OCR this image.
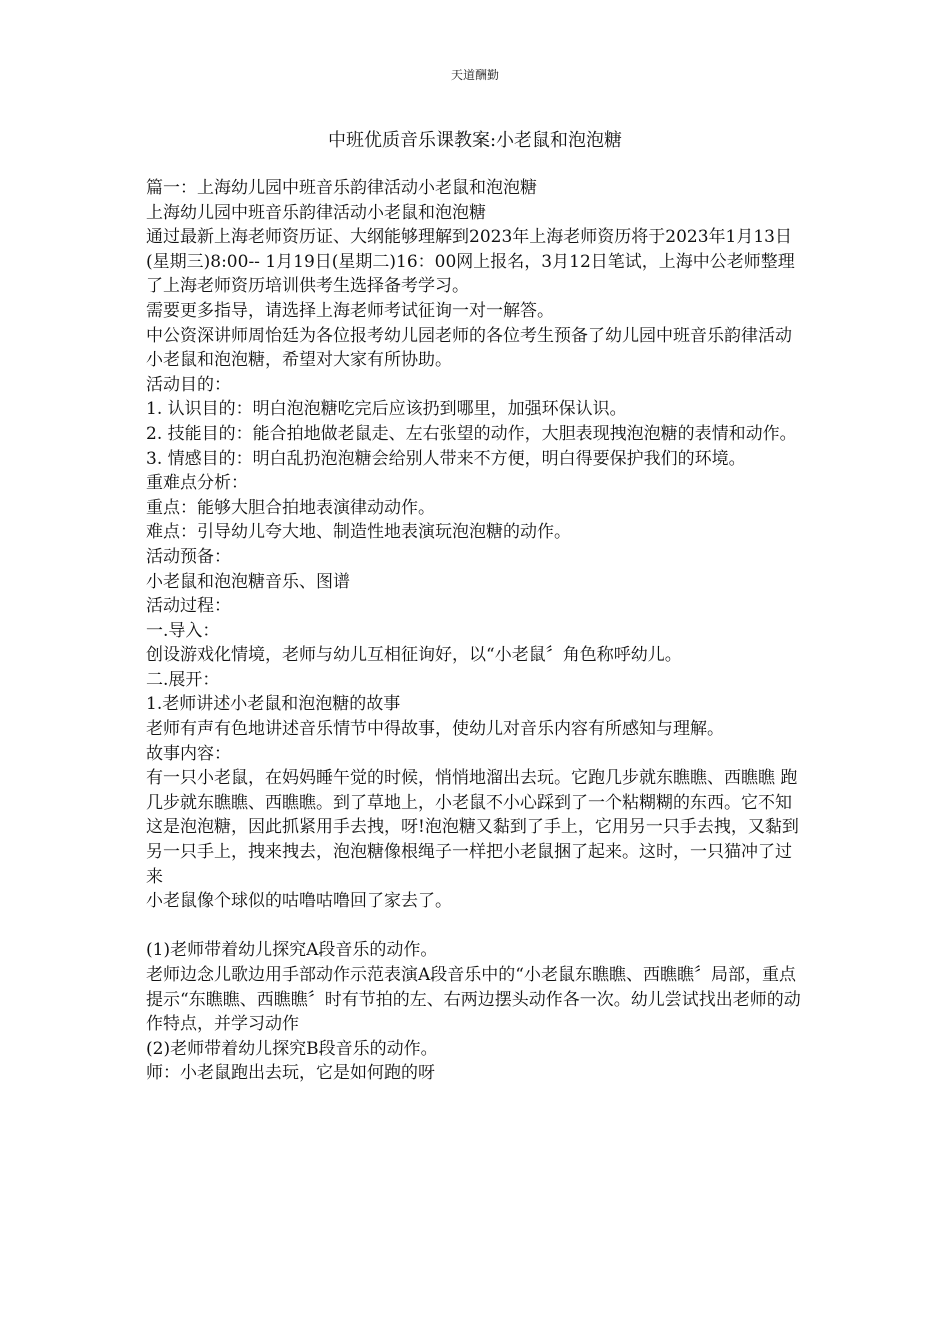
天道酬勤
中班优质音乐课教案:小老鼠和泡泡糖

篇一：上海幼儿园中班音乐韵律活动小老鼠和泡泡糖

上海幼儿园中班音乐韵律活动小老鼠和泡泡糖

通过最新上海老师资历证、大纲能够理解到2023年上海老师资历将于2023年1月13日(星期三)8:00-- 1月19日(星期二)16：00网上报名，3月12日笔试，上海中公老师整理了上海老师资历培训供考生选择备考学习。

需要更多指导，请选择上海老师考试征询一对一解答。

中公资深讲师周怡廷为各位报考幼儿园老师的各位考生预备了幼儿园中班音乐韵律活动小老鼠和泡泡糖，希望对大家有所协助。

活动目的：

1. 认识目的：明白泡泡糖吃完后应该扔到哪里，加强环保认识。

2. 技能目的：能合拍地做老鼠走、左右张望的动作，大胆表现拽泡泡糖的表情和动作。

3. 情感目的：明白乱扔泡泡糖会给别人带来不方便，明白得要保护我们的环境。

重难点分析：

重点：能够大胆合拍地表演律动动作。

难点：引导幼儿夸大地、制造性地表演玩泡泡糖的动作。

活动预备：

小老鼠和泡泡糖音乐、图谱

活动过程：

一.导入：

创设游戏化情境，老师与幼儿互相征询好，以“小老鼠〞角色称呼幼儿。

二.展开：

1.老师讲述小老鼠和泡泡糖的故事

老师有声有色地讲述音乐情节中得故事，使幼儿对音乐内容有所感知与理解。

故事内容：

有一只小老鼠，在妈妈睡午觉的时候，悄悄地溜出去玩。它跑几步就东瞧瞧、西瞧瞧 跑几步就东瞧瞧、西瞧瞧。到了草地上，小老鼠不小心踩到了一个粘糊糊的东西。它不知

这是泡泡糖，因此抓紧用手去拽，呀!泡泡糖又黏到了手上，它用另一只手去拽，又黏到

另一只手上，拽来拽去，泡泡糖像根绳子一样把小老鼠捆了起来。这时，一只猫冲了过来

小老鼠像个球似的咕噜咕噜回了家去了。

(1)老师带着幼儿探究A段音乐的动作。

老师边念儿歌边用手部动作示范表演A段音乐中的“小老鼠东瞧瞧、西瞧瞧〞局部，重点提示“东瞧瞧、西瞧瞧〞时有节拍的左、右两边摆头动作各一次。幼儿尝试找出老师的动作特点，并学习动作

(2)老师带着幼儿探究B段音乐的动作。

师：小老鼠跑出去玩，它是如何跑的呀
